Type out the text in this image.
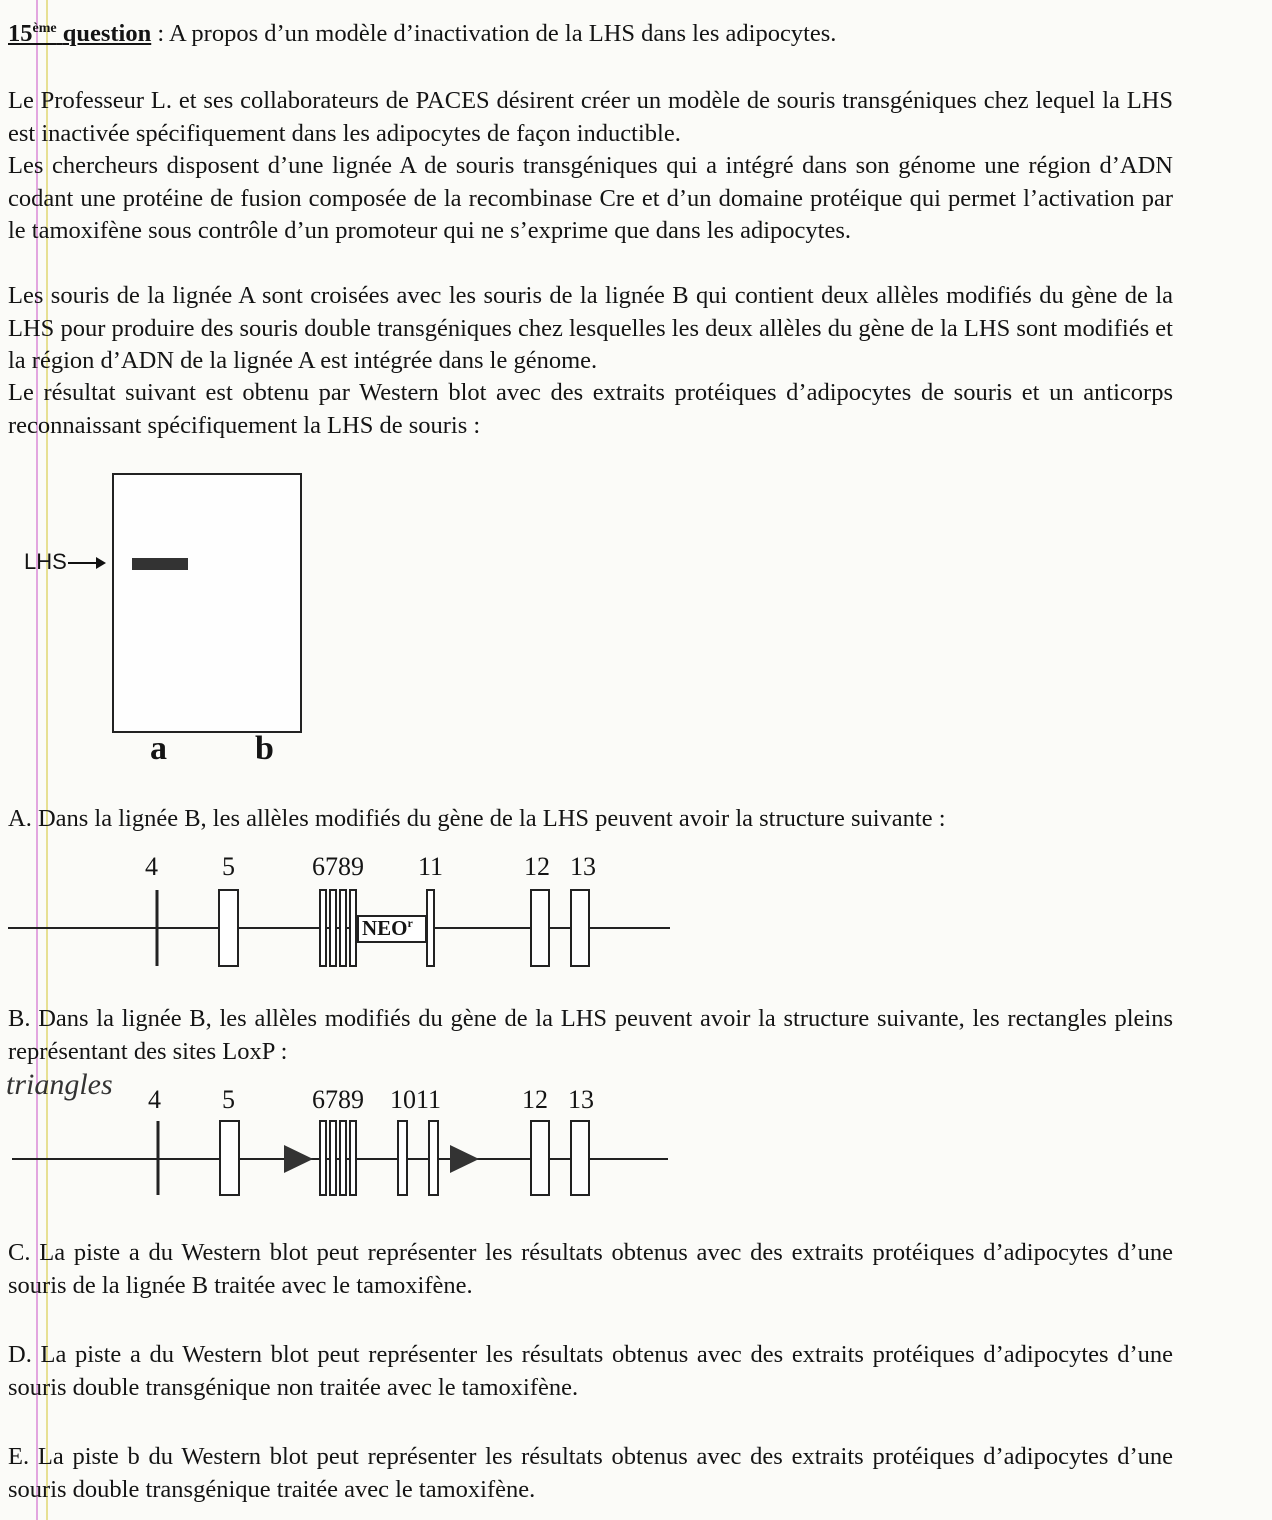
15ème question : A propos d’un modèle d’inactivation de la LHS dans les adipocytes.

Le Professeur L. et ses collaborateurs de PACES désirent créer un modèle de souris transgéniques chez lequel la LHS est inactivée spécifiquement dans les adipocytes de façon inductible.

Les chercheurs disposent d’une lignée A de souris transgéniques qui a intégré dans son génome une région d’ADN codant une protéine de fusion composée de la recombinase Cre et d’un domaine protéique qui permet l’activation par le tamoxifène sous contrôle d’un promoteur qui ne s’exprime que dans les adipocytes.

Les souris de la lignée A sont croisées avec les souris de la lignée B qui contient deux allèles modifiés du gène de la LHS pour produire des souris double transgéniques chez lesquelles les deux allèles du gène de la LHS sont modifiés et la région d’ADN de la lignée A est intégrée dans le génome.

Le résultat suivant est obtenu par Western blot avec des extraits protéiques d’adipocytes de souris et un anticorps reconnaissant spécifiquement la LHS de souris :

LHS
a	b

A. Dans la lignée B, les allèles modifiés du gène de la LHS peuvent avoir la structure suivante :

4 5	6789 11	12 13
NEO$^r$

B. Dans la lignée B, les allèles modifiés du gène de la LHS peuvent avoir la structure suivante, les rectangles pleins représentant des sites LoxP :

triangles 4 5	6789 1011	12 13

C. La piste a du Western blot peut représenter les résultats obtenus avec des extraits protéiques d’adipocytes d’une souris de la lignée B traitée avec le tamoxifène.

D. La piste a du Western blot peut représenter les résultats obtenus avec des extraits protéiques d’adipocytes d’une souris double transgénique non traitée avec le tamoxifène.

E. La piste b du Western blot peut représenter les résultats obtenus avec des extraits protéiques d’adipocytes d’une souris double transgénique traitée avec le tamoxifène.
